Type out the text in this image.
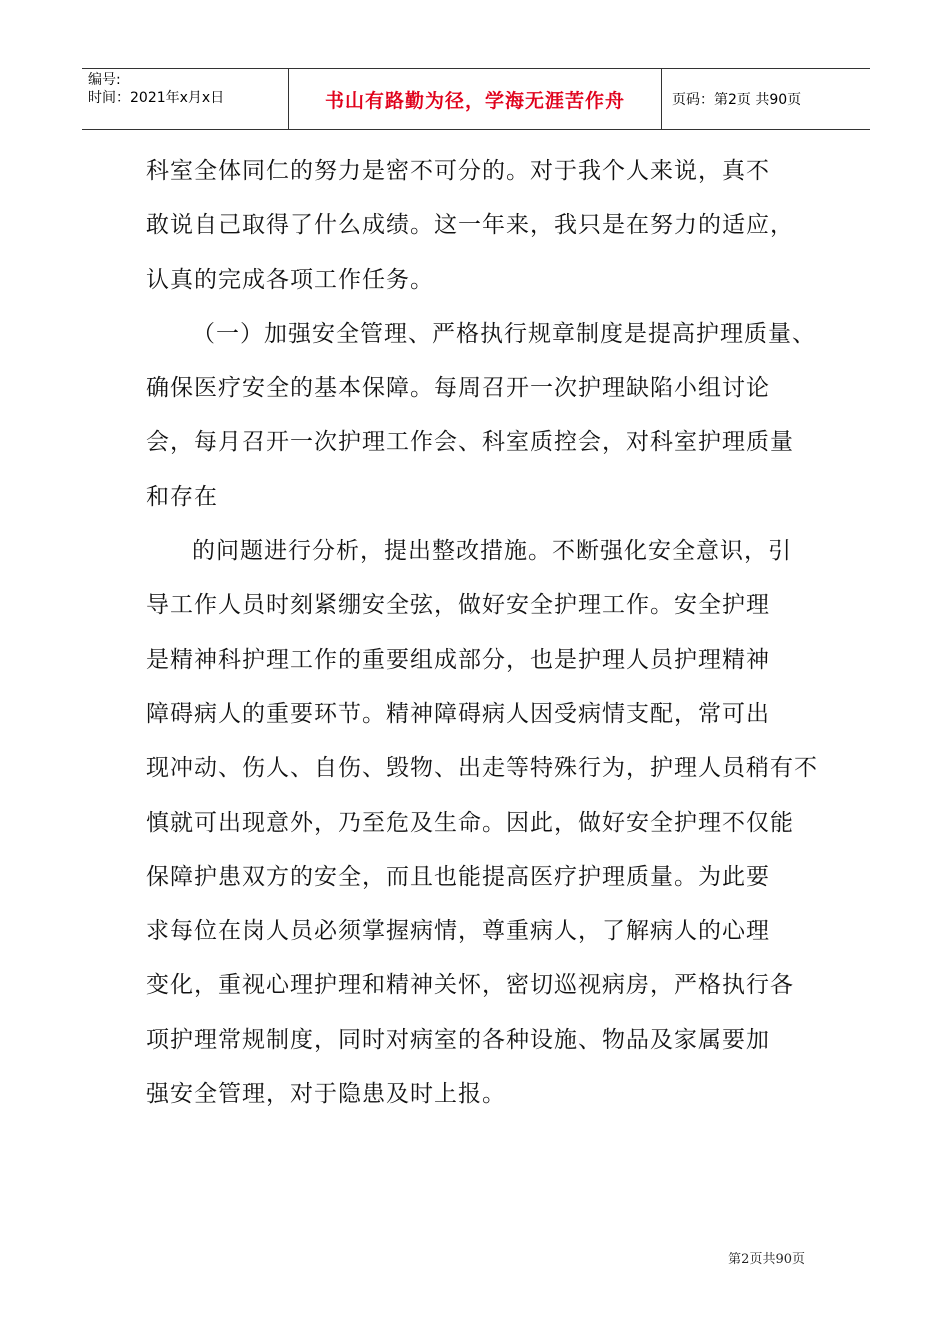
编号:
时间：2021年x月x日	书山有路勤为径，学海无涯苦作舟	页码：第2页 共90页
科室全体同仁的努力是密不可分的。对于我个人来说，真不
敢说自己取得了什么成绩。这一年来，我只是在努力的适应，
认真的完成各项工作任务。
（一）加强安全管理、严格执行规章制度是提高护理质量、
确保医疗安全的基本保障。每周召开一次护理缺陷小组讨论
会，每月召开一次护理工作会、科室质控会，对科室护理质量
和存在
的问题进行分析，提出整改措施。不断强化安全意识，引
导工作人员时刻紧绷安全弦，做好安全护理工作。安全护理
是精神科护理工作的重要组成部分，也是护理人员护理精神
障碍病人的重要环节。精神障碍病人因受病情支配，常可出
现冲动、伤人、自伤、毁物、出走等特殊行为，护理人员稍有不
慎就可出现意外，乃至危及生命。因此，做好安全护理不仅能
保障护患双方的安全，而且也能提高医疗护理质量。为此要
求每位在岗人员必须掌握病情，尊重病人，了解病人的心理
变化，重视心理护理和精神关怀，密切巡视病房，严格执行各
项护理常规制度，同时对病室的各种设施、物品及家属要加
强安全管理，对于隐患及时上报。
第2页共90页
